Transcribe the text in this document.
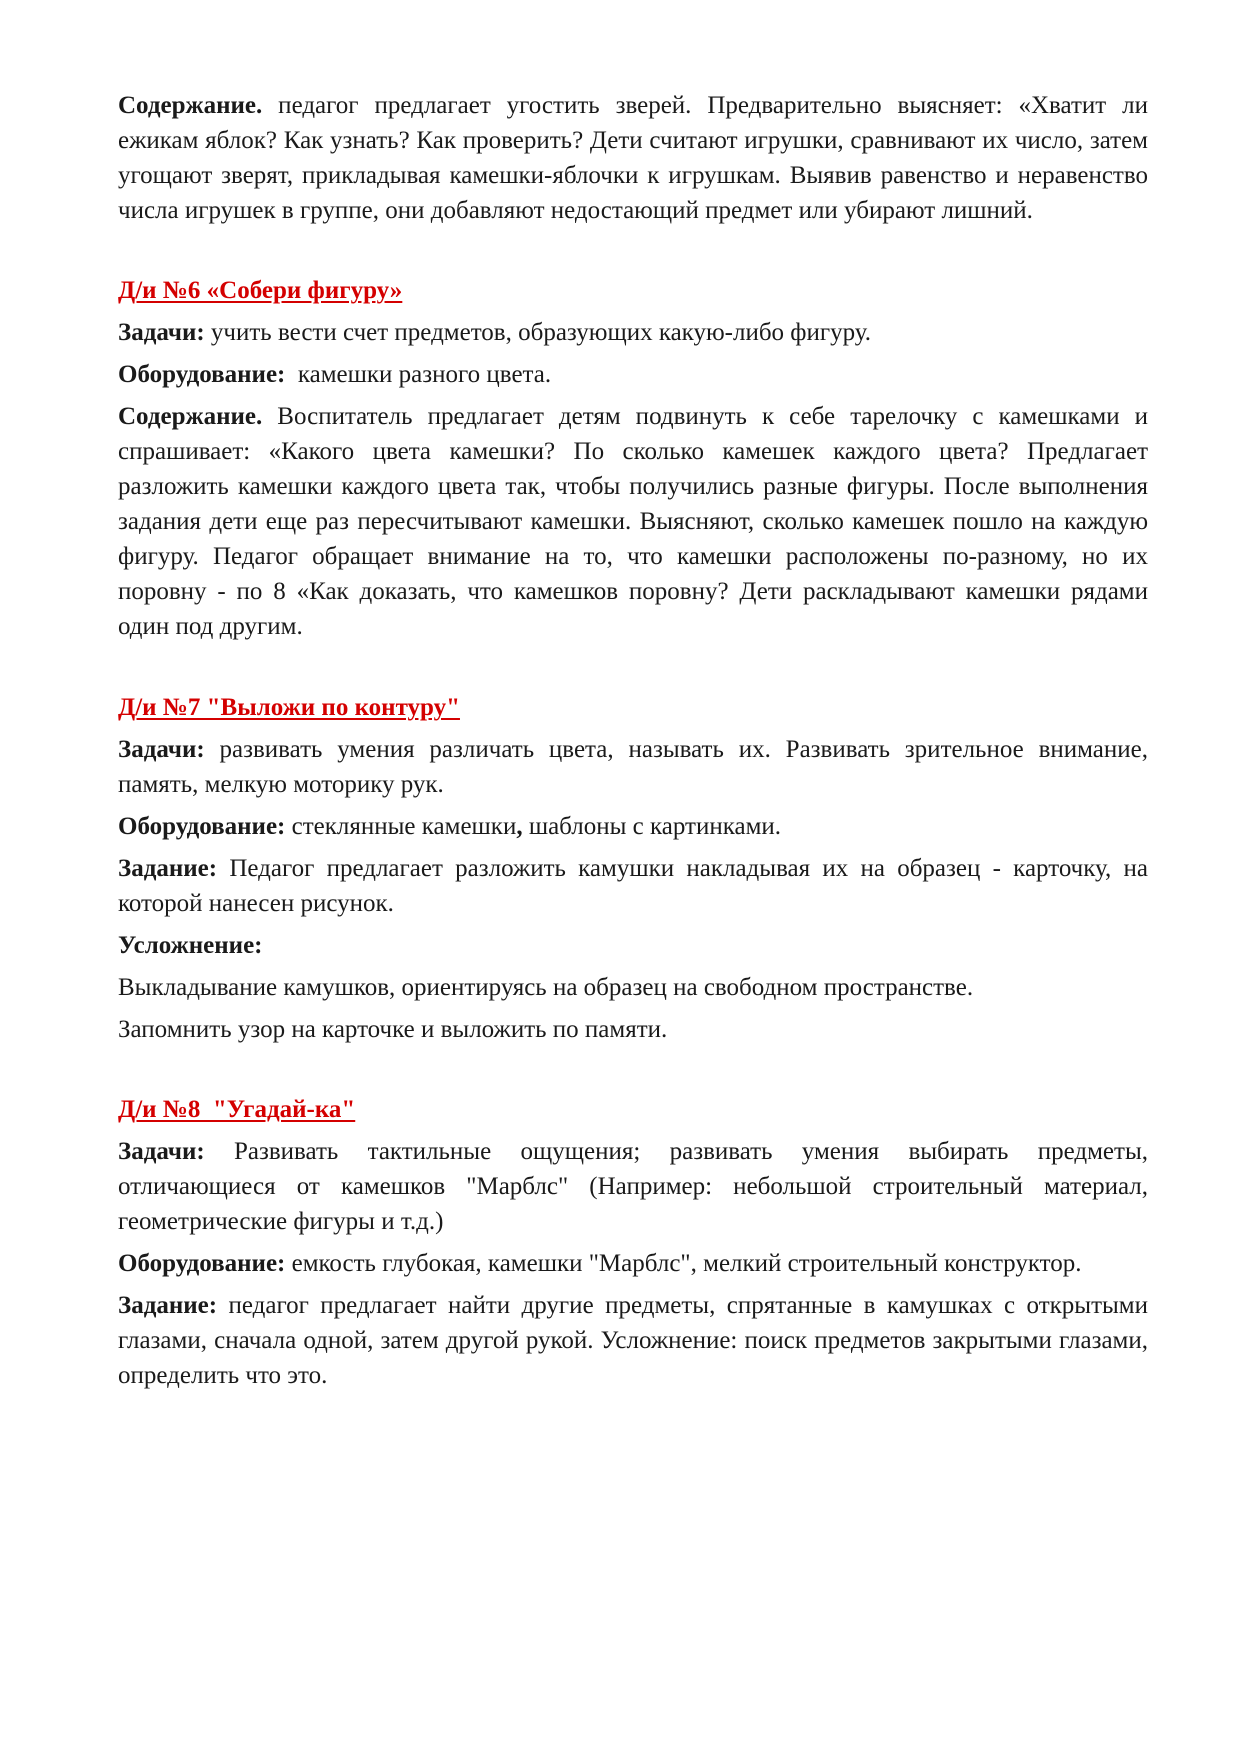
Содержание. педагог предлагает угостить зверей. Предварительно выясняет: «Хватит ли ежикам яблок? Как узнать? Как проверить? Дети считают игрушки, сравнивают их число, затем угощают зверят, прикладывая камешки-яблочки к игрушкам. Выявив равенство и неравенство числа игрушек в группе, они добавляют недостающий предмет или убирают лишний.

Д/и №6 «Собери фигуру»

Задачи: учить вести счет предметов, образующих какую-либо фигуру.

Оборудование:  камешки разного цвета.

Содержание. Воспитатель предлагает детям подвинуть к себе тарелочку с камешками и спрашивает: «Какого цвета камешки? По сколько камешек каждого цвета? Предлагает разложить камешки каждого цвета так, чтобы получились разные фигуры. После выполнения задания дети еще раз пересчитывают камешки. Выясняют, сколько камешек пошло на каждую фигуру. Педагог обращает внимание на то, что камешки расположены по-разному, но их поровну - по 8 «Как доказать, что камешков поровну? Дети раскладывают камешки рядами один под другим.

Д/и №7 "Выложи по контуру"

Задачи: развивать умения различать цвета, называть их. Развивать зрительное внимание, память, мелкую моторику рук.

Оборудование: стеклянные камешки, шаблоны с картинками.

Задание: Педагог предлагает разложить камушки накладывая их на образец - карточку, на которой нанесен рисунок.

Усложнение:

Выкладывание камушков, ориентируясь на образец на свободном пространстве.

Запомнить узор на карточке и выложить по памяти.

Д/и №8  "Угадай-ка"

Задачи: Развивать тактильные ощущения; развивать умения выбирать предметы, отличающиеся от камешков "Марблс" (Например: небольшой строительный материал, геометрические фигуры и т.д.)

Оборудование: емкость глубокая, камешки "Марблс", мелкий строительный конструктор.

Задание: педагог предлагает найти другие предметы, спрятанные в камушках с открытыми глазами, сначала одной, затем другой рукой. Усложнение: поиск предметов закрытыми глазами, определить что это.
